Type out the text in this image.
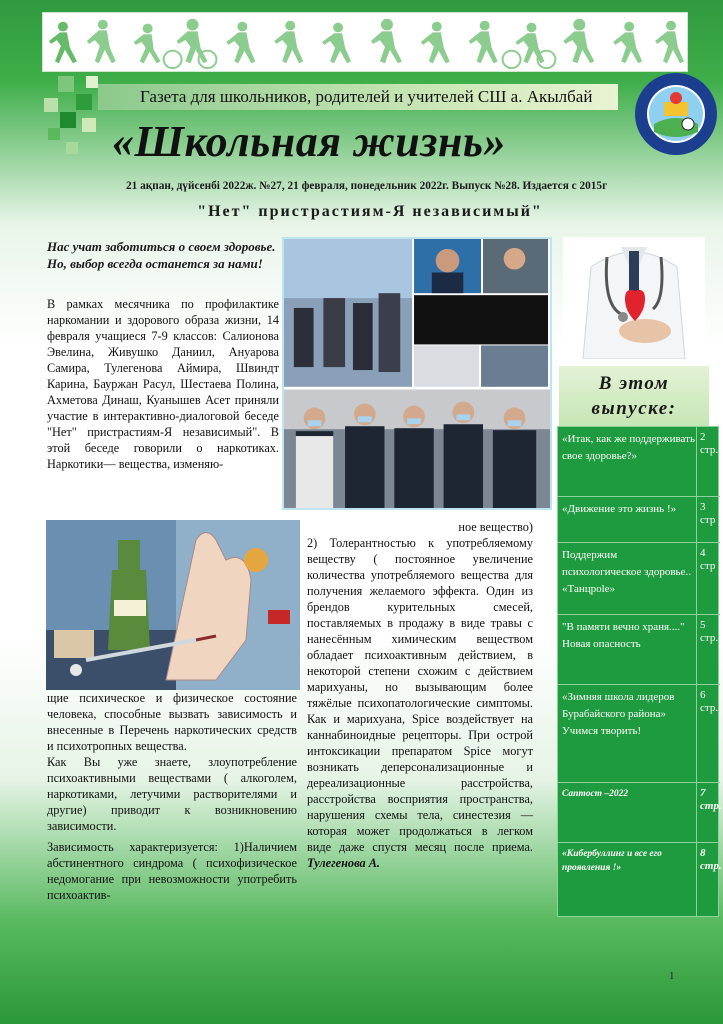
Газета для школьников, родителей и учителей СШ а. Акылбай
«Школьная жизнь»
21 ақпан, дүйсенбі 2022ж. №27, 21 февраля, понедельник 2022г. Выпуск №28. Издается с 2015г
"Нет" пристрастиям-Я независимый"
Нас учат заботиться о своем здоровье. Но, выбор всегда останется за нами!

В рамках месячника по профилактике наркомании и здорового образа жизни, 14 февраля учащиеся 7-9 классов: Салионова Эвелина, Живушко Даниил, Ануарова Самира, Тулегенова Аймира, Швиндт Карина, Бауржан Расул, Шестаева Полина, Ахметова Динаш, Куанышев Асет приняли участие в интерактивно-диалоговой беседе "Нет" пристрастиям-Я независимый". В этой беседе говорили о наркотиках. Наркотики— вещества, изменяю-

В этом выпуске:
«Итак, как же поддерживать свое здоровье?»
2 стр.
«Движение это жизнь !»	3 стр
Поддержим психологическое здоровье.. «Танцpole»
4 стр
"В памяти вечно храня...." Новая опасность
5 стр.
«Зимняя школа лидеров Бурабайского района» Учимся творить!
6 стр.
Саптост –2022	7 стр.
«Кибербуллинг и все его проявления !»
8 стр.

щие психическое и физическое состояние человека, способные вызвать зависимость и внесенные в Перечень наркотических средств и психотропных вещества.

Как Вы уже знаете, злоупотребление психоактивными веществами ( алкоголем, наркотиками, летучими растворителями и другие) приводит к возникновению зависимости.

Зависимость характеризуется: 1)Наличием абстинентного синдрома ( психофизическое недомогание при невозможности употребить психоактив-

ное вещество)

2) Толерантностью к употребляемому веществу ( постоянное увеличение количества употребляемого вещества для получения желаемого эффекта. Один из брендов курительных смесей, поставляемых в продажу в виде травы с нанесённым химическим веществом обладает психоактивным действием, в некоторой степени схожим с действием марихуаны, но вызывающим более тяжёлые психопатологические симптомы. Как и марихуана, Spice воздействует на каннабиноидные рецепторы. При острой интоксикации препаратом Spice могут возникать деперсонализационные и дереализационные расстройства, расстройства восприятия пространства, нарушения схемы тела, синестезия — которая может продолжаться в легком виде даже спустя месяц после приема. Тулегенова А.

1
